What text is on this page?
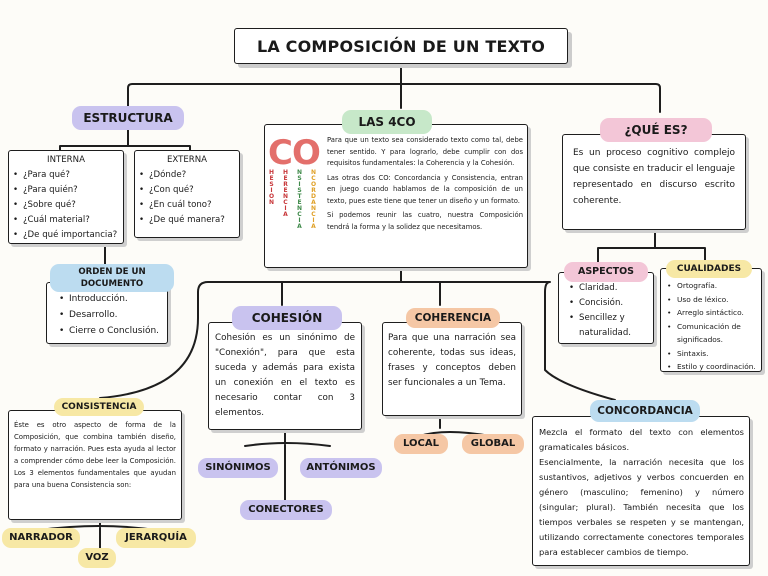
LA COMPOSICIÓN DE UN TEXTO
ESTRUCTURA
INTERNA
• ¿Para qué?
• ¿Para quién?
• ¿Sobre qué?
• ¿Cuál material?
• ¿De qué importancia?
EXTERNA
• ¿Dónde?
• ¿Con qué?
• ¿En cuál tono?
• ¿De qué manera?
• Introducción.
• Desarrollo.
• Cierre o Conclusión.
ORDEN DE UN
DOCUMENTO
CO
HESION HERENCIA NSISTENCIA NCORDANCIA

Para que un texto sea considerado texto como tal, debe tener sentido. Y para lograrlo, debe cumplir con dos requisitos fundamentales: la Coherencia y la Cohesión.

Las otras dos CO: Concordancia y Consistencia, entran en juego cuando hablamos de la composición de un texto, pues este tiene que tener un diseño y un formato.

Si podemos reunir las cuatro, nuestra Composición tendrá la forma y la solidez que necesitamos.

LAS 4CO
Es un proceso cognitivo complejo que consiste en traducir el lenguaje representado en discurso escrito coherente.
¿QUÉ ES?
• Claridad.
• Concisión.
• Sencillez y naturalidad.
ASPECTOS
• Ortografía.
• Uso de léxico.
• Arreglo sintáctico.
• Comunicación de significados.
• Sintaxis.
• Estilo y coordinación.
CUALIDADES
Cohesión es un sinónimo de "Conexión", para que esta suceda y además para exista un conexión en el texto es necesario contar con 3 elementos.
COHESIÓN
SINÓNIMOS	ANTÓNIMOS
CONECTORES
Para que una narración sea coherente, todas sus ideas, frases y conceptos deben ser funcionales a un Tema.
COHERENCIA
LOCAL	GLOBAL
Éste es otro aspecto de forma de la Composición, que combina también diseño, formato y narración. Pues esta ayuda al lector a comprender cómo debe leer la Composición. Los 3 elementos fundamentales que ayudan para una buena Consistencia son:
CONSISTENCIA
NARRADOR
VOZ
JERARQUÍA

Mezcla el formato del texto con elementos gramaticales básicos.

Esencialmente, la narración necesita que los sustantivos, adjetivos y verbos concuerden en género (masculino; femenino) y número (singular; plural). También necesita que los tiempos verbales se respeten y se mantengan, utilizando correctamente conectores temporales para establecer cambios de tiempo.

CONCORDANCIA
